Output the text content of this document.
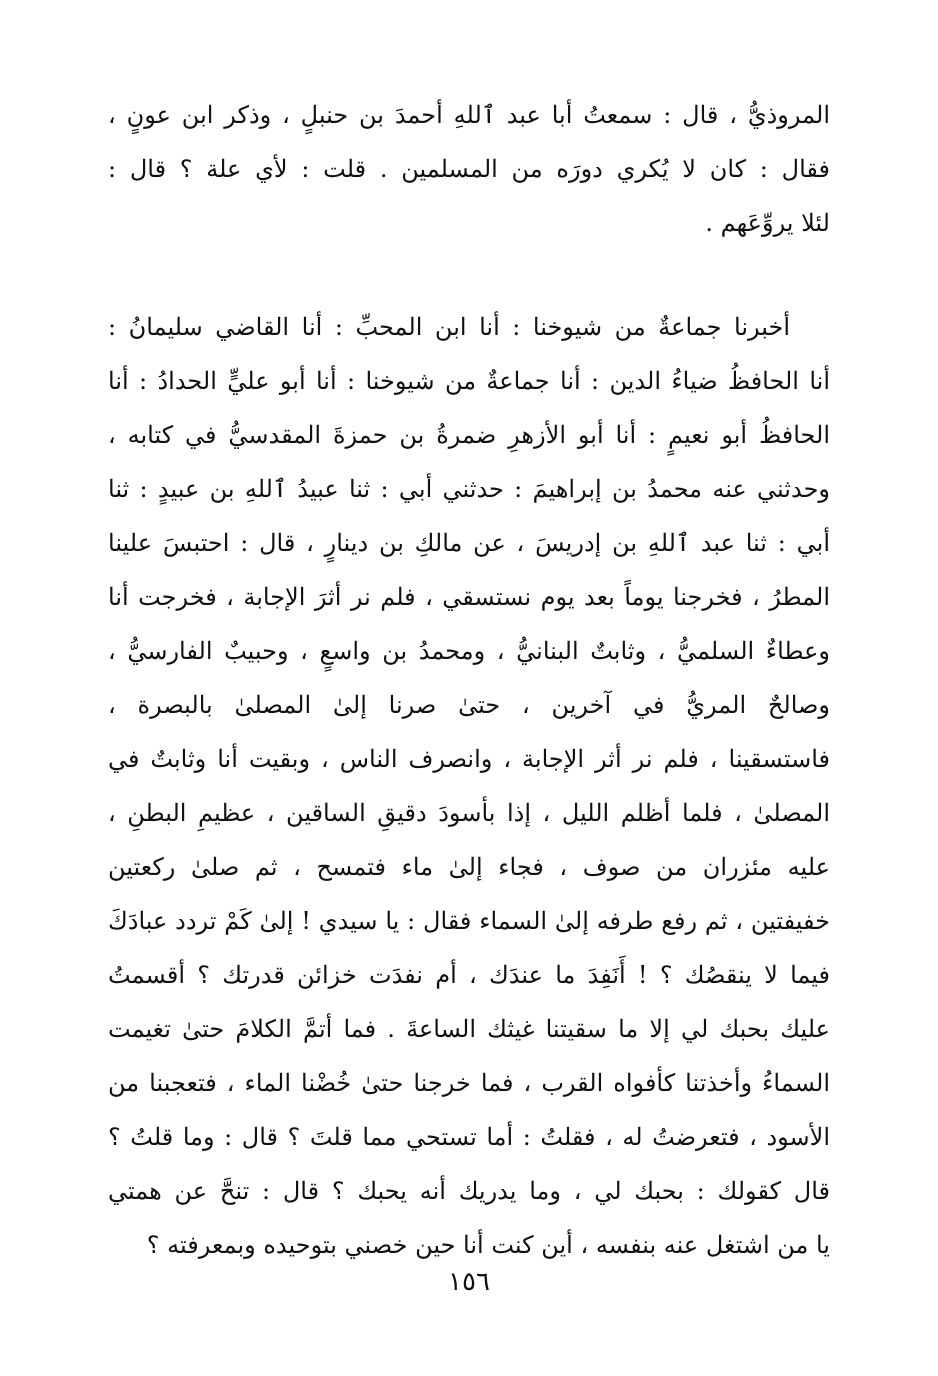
المروذيُّ ، قال : سمعتُ أبا عبد ٱللهِ أحمدَ بن حنبلٍ ، وذكر ابن عونٍ ،
فقال : كان لا يُكري دورَه من المسلمين . قلت : لأي علة ؟ قال :
لئلا يروِّعَهم .
أخبرنا جماعةٌ من شيوخنا : أنا ابن المحبِّ : أنا القاضي سليمانُ :
أنا الحافظُ ضياءُ الدين : أنا جماعةٌ من شيوخنا : أنا أبو عليٍّ الحدادُ : أنا
الحافظُ أبو نعيمٍ : أنا أبو الأزهرِ ضمرةُ بن حمزةَ المقدسيُّ في كتابه ،
وحدثني عنه محمدُ بن إبراهيمَ : حدثني أبي : ثنا عبيدُ ٱللهِ بن عبيدٍ : ثنا
أبي : ثنا عبد ٱللهِ بن إدريسَ ، عن مالكِ بن دينارٍ ، قال : احتبسَ علينا
المطرُ ، فخرجنا يوماً بعد يوم نستسقي ، فلم نر أثرَ الإجابة ، فخرجت أنا
وعطاءٌ السلميُّ ، وثابتٌ البنانيُّ ، ومحمدُ بن واسعٍ ، وحبيبٌ الفارسيُّ ،
وصالحٌ المريُّ في آخرين ، حتىٰ صرنا إلىٰ المصلىٰ بالبصرة ،
فاستسقينا ، فلم نر أثر الإجابة ، وانصرف الناس ، وبقيت أنا وثابتٌ في
المصلىٰ ، فلما أظلم الليل ، إذا بأسودَ دقيقِ الساقين ، عظيمِ البطنِ ،
عليه مئزران من صوف ، فجاء إلىٰ ماء فتمسح ، ثم صلىٰ ركعتين
خفيفتين ، ثم رفع طرفه إلىٰ السماء فقال : يا سيدي ! إلىٰ كَمْ تردد عبادَكَ
فيما لا ينقصُك ؟ ! أَنَفِدَ ما عندَك ، أم نفدَت خزائن قدرتك ؟ أقسمتُ
عليك بحبك لي إلا ما سقيتنا غيثك الساعةَ . فما أتمَّ الكلامَ حتىٰ تغيمت
السماءُ وأخذتنا كأفواه القرب ، فما خرجنا حتىٰ خُضْنا الماء ، فتعجبنا من
الأسود ، فتعرضتُ له ، فقلتُ : أما تستحي مما قلتَ ؟ قال : وما قلتُ ؟
قال كقولك : بحبك لي ، وما يدريك أنه يحبك ؟ قال : تنحَّ عن همتي
يا من اشتغل عنه بنفسه ، أين كنت أنا حين خصني بتوحيده وبمعرفته ؟
١٥٦
